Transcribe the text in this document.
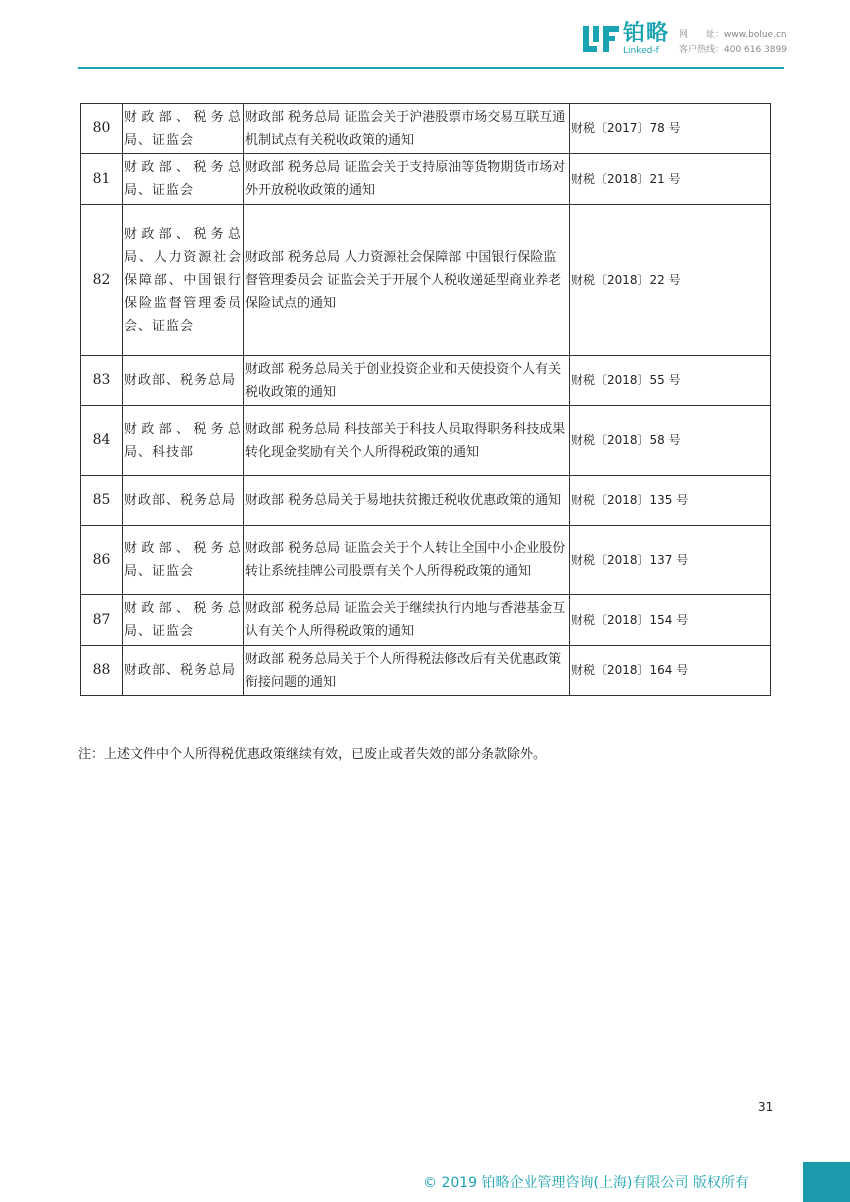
铂略
Linked-f
网　　址：www.bolue.cn
客户热线：400 616 3899
80	财政部、税务总局、证监会	财政部 税务总局 证监会关于沪港股票市场交易互联互通机制试点有关税收政策的通知	财税〔2017〕78 号
81	财政部、税务总局、证监会	财政部 税务总局 证监会关于支持原油等货物期货市场对外开放税收政策的通知	财税〔2018〕21 号
82	财政部、税务总局、人力资源社会保障部、中国银行保险监督管理委员会、证监会	财政部 税务总局 人力资源社会保障部 中国银行保险监督管理委员会 证监会关于开展个人税收递延型商业养老保险试点的通知	财税〔2018〕22 号
83	财政部、税务总局	财政部 税务总局关于创业投资企业和天使投资个人有关税收政策的通知	财税〔2018〕55 号
84	财政部、税务总局、科技部	财政部 税务总局 科技部关于科技人员取得职务科技成果转化现金奖励有关个人所得税政策的通知	财税〔2018〕58 号
85	财政部、税务总局	财政部 税务总局关于易地扶贫搬迁税收优惠政策的通知	财税〔2018〕135 号
86	财政部、税务总局、证监会	财政部 税务总局 证监会关于个人转让全国中小企业股份转让系统挂牌公司股票有关个人所得税政策的通知	财税〔2018〕137 号
87	财政部、税务总局、证监会	财政部 税务总局 证监会关于继续执行内地与香港基金互认有关个人所得税政策的通知	财税〔2018〕154 号
88	财政部、税务总局	财政部 税务总局关于个人所得税法修改后有关优惠政策衔接问题的通知	财税〔2018〕164 号
注：上述文件中个人所得税优惠政策继续有效，已废止或者失效的部分条款除外。
31
© 2019 铂略企业管理咨询(上海)有限公司 版权所有
